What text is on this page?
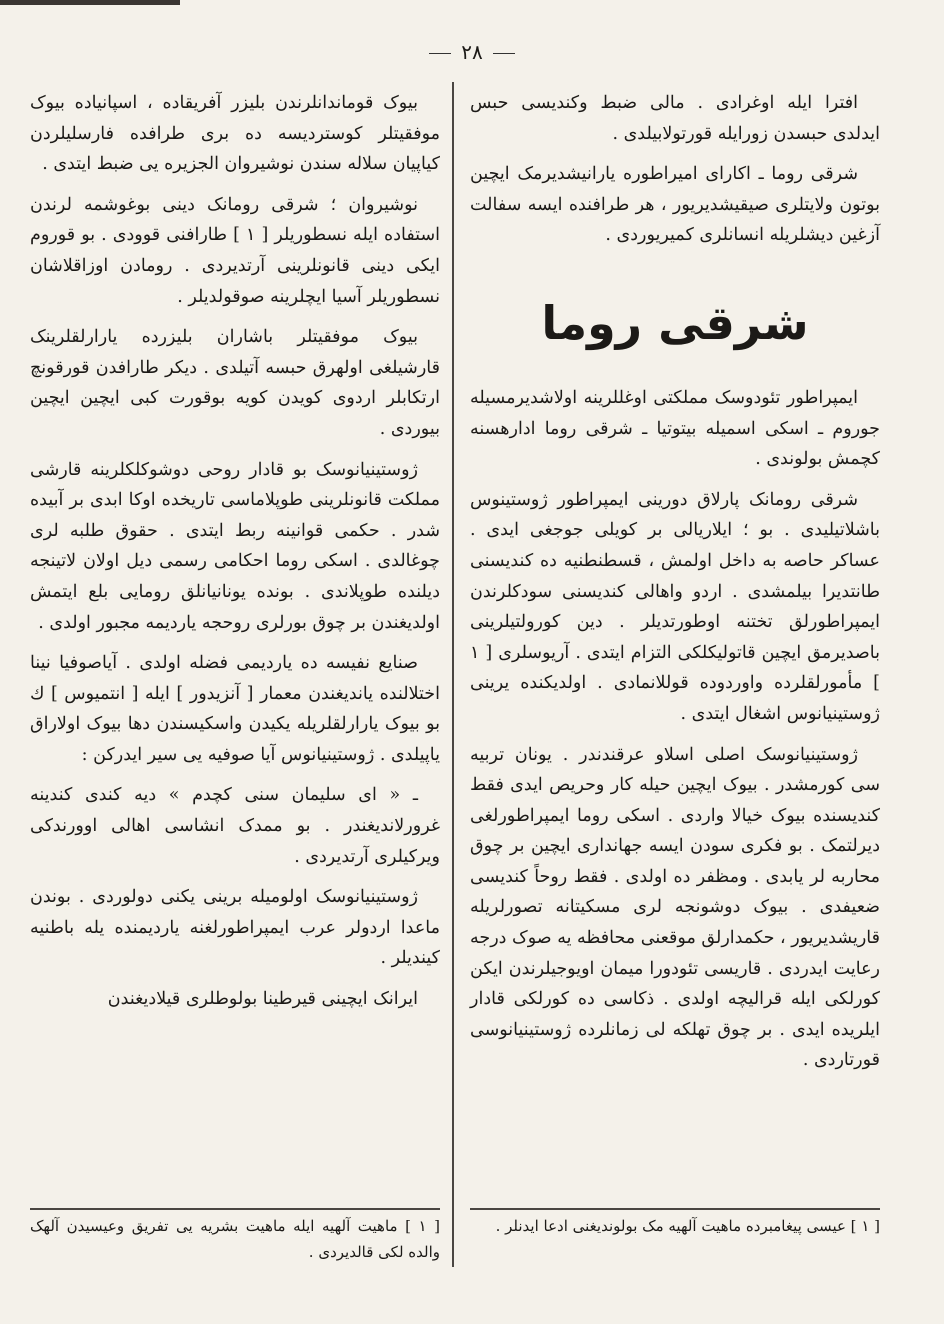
٢٨

افترا ایله اوغرادی . مالی ضبط وکندیسی حبس ایدلدی حبسدن زورایله قورتولابیلدی .

شرقی روما ـ اکارای امیراطوره یارانیشدیرمک ایچین بوتون ولایتلری صیقیشدیریور ، هر طرافنده ایسه سفالت آزغین دیشلریله انسانلری کمیریوردی .

شرقی روما

ایمپراطور تئودوسک مملکتی اوغللرینه اولاشدیرمسیله جوروم ـ اسکی اسمیله بیتوتیا ـ شرقی روما ادارهسنه کچمش بولوندی .

شرقی رومانک پارلاق دورینی ایمپراطور ژوستینوس باشلاتیلیدی . بو ؛ ایلاریالی بر کویلی جوجغی ایدی . عساکر حاصه به داخل اولمش ، قسطنطنیه ده کندیسنی طانتدیرا بیلمشدی . اردو واهالی کندیسنی سودکلرندن ایمپراطورلق تختنه اوطورتدیلر . دین کورولتیلرینی باصدیرمق ایچین قاتولیکلکی التزام ایتدی . آریوسلری [ ١ ] مأمورلقلرده واوردوده قوللانمادی . اولدیکنده یرینی ژوستینیانوس اشغال ایتدی .

ژوستینیانوسک اصلی اسلاو عرقندندر . یونان تربیه سی کورمشدر . بیوک ایچین حیله کار وحریص ایدی فقط کندیسنده بیوک خیالا واردی . اسکی روما ایمپراطورلغی دیرلتمک . بو فکری سودن ایسه جهانداری ایچین بر چوق محاربه لر یابدی . ومظفر ده اولدی . فقط روحاً کندیسی ضعیفدی . بیوک دوشونجه لری مسکیتانه تصورلریله قاریشدیریور ، حکمدارلق موقعنی محافظه یه صوک درجه رعایت ایدردی . قاریسی تئودورا میمان اویوجیلرندن ایکن کورلکی ایله قرالیچه اولدی . ذکاسی ده کورلکی قادار ایلریده ایدی . بر چوق تهلکه لی زمانلرده ژوستینیانوسی قورتاردی .

بیوک قوماندانلرندن بلیزر آفریقاده ، اسپانیاده بیوک موفقیتلر کوستردیسه ده بری طرافده فارسلیلردن کیاپیان سلاله سندن نوشیروان الجزیره یی ضبط ایتدی .

نوشیروان ؛ شرقی رومانک دینی بوغوشمه لرندن استفاده ایله نسطوریلر [ ١ ] طارافنی قوودی . بو قوروم ایکی دینی قانونلرینی آرتدیردی . رومادن اوزاقلاشان نسطوریلر آسیا ایچلرینه صوقولدیلر .

بیوک موفقیتلر باشاران بلیزرده یارارلقلرینک قارشیلغی اولهرق حبسه آتیلدی . دیکر طارافدن قورقونچ ارتکابلر اردوی کویدن کویه بوقورت کبی ایچین ایچین بیوردی .

ژوستینیانوسک بو قادار روحی دوشوکلکلرینه قارشی مملکت قانونلرینی طوپلاماسی تاریخده اوکا ابدی بر آبیده شدر . حکمی قوانینه ربط ایتدی . حقوق طلبه لری چوغالدی . اسکی روما احکامی رسمی دیل اولان لاتینجه دیلنده طوپلاندی . بونده یونانیانلق رومایی بلع ایتمش اولدیغندن بر چوق بورلری روحجه یاردیمه مجبور اولدی .

صنایع نفیسه ده یاردیمی فضله اولدی . آیاصوفیا نینا اختلالنده یاندیغندن معمار [ آنزیدور ] ایله [ انتمیوس ] ك بو بیوک یارارلقلریله یکیدن واسکیسندن دها بیوک اولاراق یاپیلدی . ژوستینیانوس آیا صوفیه یی سیر ایدرکن :

ـ « ای سلیمان سنی کچدم » دیه کندی کندینه غرورلاندیغندر . بو ممدک انشاسی اهالی اوورندکی ویرکیلری آرتدیردی .

ژوستینیانوسک اولومیله برینی یکنی دولوردی . بوندن ماعدا اردولر عرب ایمپراطورلغنه یاردیمنده یله باطنیه کیندیلر .

ایرانک ایچینی قیرطینا بولوطلری قیلادیغندن

[ ١ ] عیسی پیغامبرده ماهیت آلهیه مک بولوندیغنی ادعا ایدنلر .
[ ١ ] ماهیت آلهیه ایله ماهیت بشریه یی تفریق وعیسیدن آلهک والده لکی قالدیردی .
